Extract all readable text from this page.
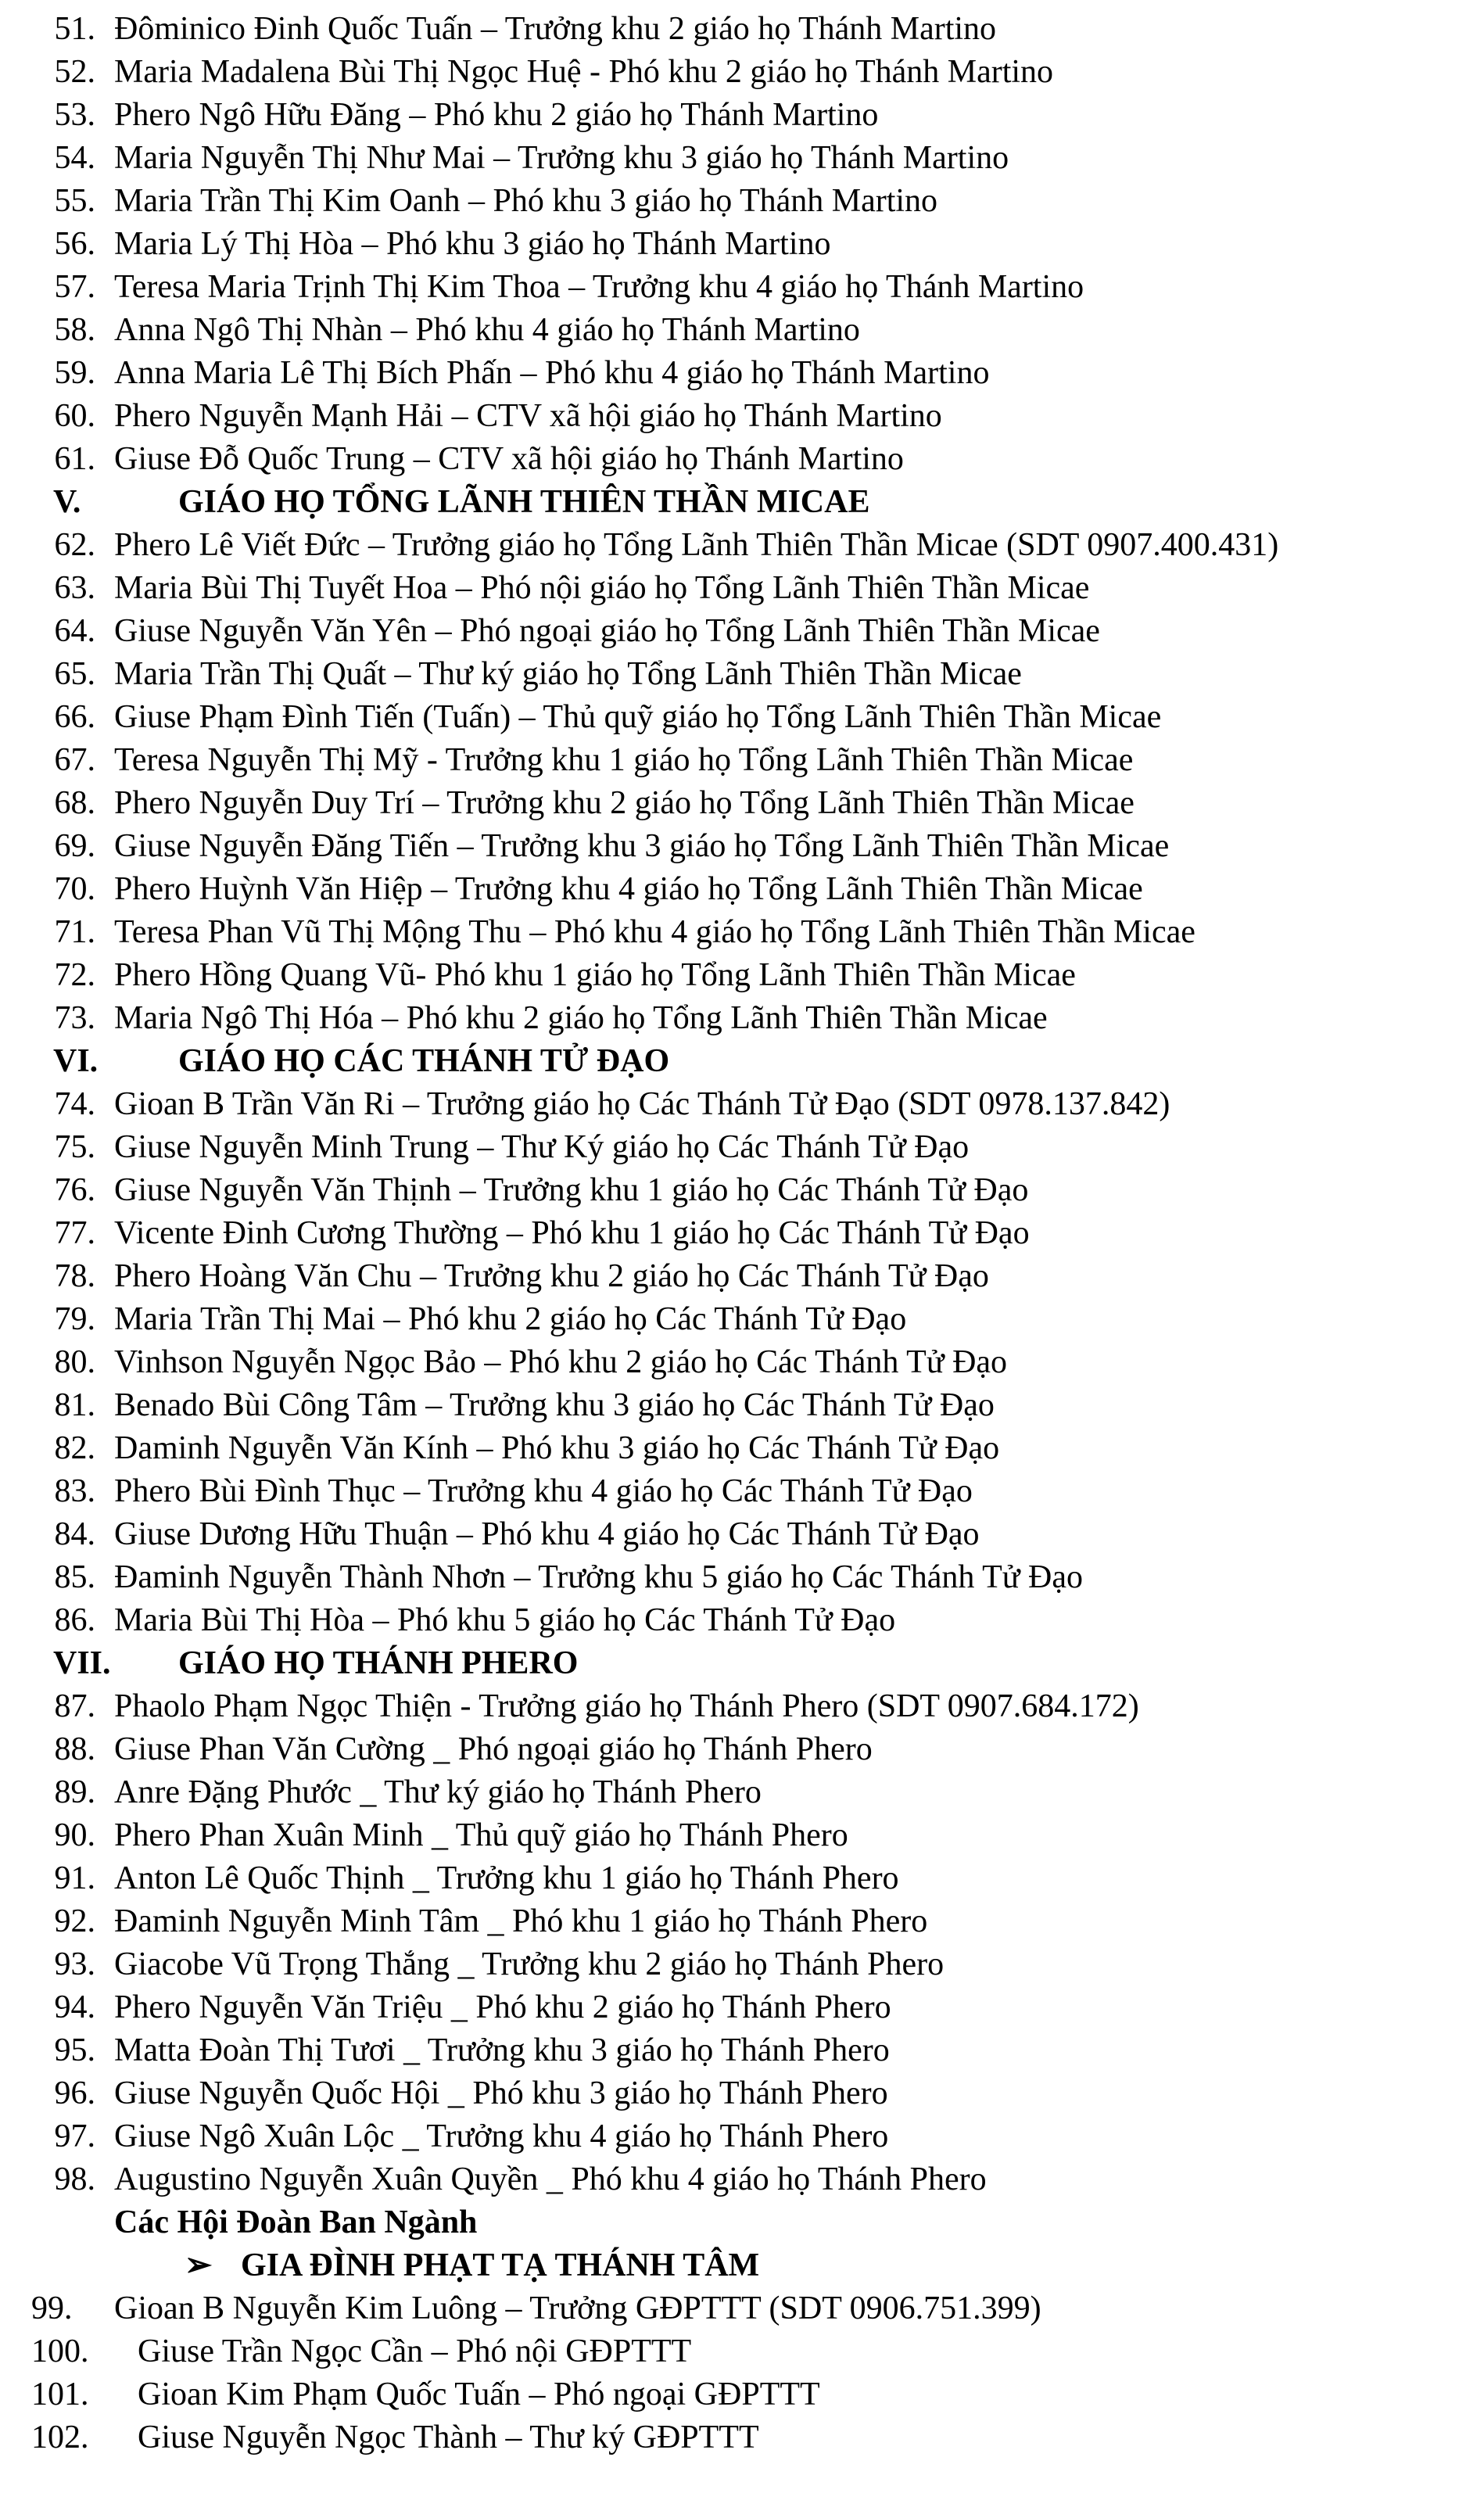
51. Đôminico Đinh Quốc Tuấn – Trưởng khu 2 giáo họ Thánh Martino
52. Maria Madalena Bùi Thị Ngọc Huệ - Phó khu 2 giáo họ Thánh Martino
53. Phero Ngô Hữu Đăng – Phó khu 2 giáo họ Thánh Martino
54. Maria Nguyễn Thị Như Mai – Trưởng khu 3 giáo họ Thánh Martino
55. Maria Trần Thị Kim Oanh – Phó khu 3 giáo họ Thánh Martino
56. Maria Lý Thị Hòa – Phó khu 3 giáo họ Thánh Martino
57. Teresa Maria Trịnh Thị Kim Thoa – Trưởng khu 4 giáo họ Thánh Martino
58. Anna Ngô Thị Nhàn – Phó khu 4 giáo họ Thánh Martino
59. Anna Maria Lê Thị Bích Phấn – Phó khu 4 giáo họ Thánh Martino
60. Phero Nguyễn Mạnh Hải – CTV xã hội giáo họ Thánh Martino
61. Giuse Đỗ Quốc Trung – CTV xã hội giáo họ Thánh Martino
V.	GIÁO HỌ TỔNG LÃNH THIÊN THẦN MICAE
62. Phero Lê Viết Đức – Trưởng giáo họ Tổng Lãnh Thiên Thần Micae (SDT 0907.400.431)
63. Maria Bùi Thị Tuyết Hoa – Phó nội giáo họ Tổng Lãnh Thiên Thần Micae
64. Giuse Nguyễn Văn Yên – Phó ngoại giáo họ Tổng Lãnh Thiên Thần Micae
65. Maria Trần Thị Quất – Thư ký giáo họ Tổng Lãnh Thiên Thần Micae
66. Giuse Phạm Đình Tiến (Tuấn) – Thủ quỹ giáo họ Tổng Lãnh Thiên Thần Micae
67. Teresa Nguyễn Thị Mỹ - Trưởng khu 1 giáo họ Tổng Lãnh Thiên Thần Micae
68. Phero Nguyễn Duy Trí – Trưởng khu 2 giáo họ Tổng Lãnh Thiên Thần Micae
69. Giuse Nguyễn Đăng Tiến – Trưởng khu 3 giáo họ Tổng Lãnh Thiên Thần Micae
70. Phero Huỳnh Văn Hiệp – Trưởng khu 4 giáo họ Tổng Lãnh Thiên Thần Micae
71. Teresa Phan Vũ Thị Mộng Thu – Phó khu 4 giáo họ Tổng Lãnh Thiên Thần Micae
72. Phero Hồng Quang Vũ- Phó khu 1 giáo họ Tổng Lãnh Thiên Thần Micae
73. Maria Ngô Thị Hóa – Phó khu 2 giáo họ Tổng Lãnh Thiên Thần Micae
VI. GIÁO HỌ CÁC THÁNH TỬ ĐẠO
74. Gioan B Trần Văn Ri – Trưởng giáo họ Các Thánh Tử Đạo (SDT 0978.137.842)
75. Giuse Nguyễn Minh Trung – Thư Ký giáo họ Các Thánh Tử Đạo
76. Giuse Nguyễn Văn Thịnh – Trưởng khu 1 giáo họ Các Thánh Tử Đạo
77. Vicente Đinh Cương Thường – Phó khu 1 giáo họ Các Thánh Tử Đạo
78. Phero Hoàng Văn Chu – Trưởng khu 2 giáo họ Các Thánh Tử Đạo
79. Maria Trần Thị Mai – Phó khu 2 giáo họ Các Thánh Tử Đạo
80. Vinhson Nguyễn Ngọc Bảo – Phó khu 2 giáo họ Các Thánh Tử Đạo
81. Benado Bùi Công Tâm – Trưởng khu 3 giáo họ Các Thánh Tử Đạo
82. Daminh Nguyễn Văn Kính – Phó khu 3 giáo họ Các Thánh Tử Đạo
83. Phero Bùi Đình Thục – Trưởng khu 4 giáo họ Các Thánh Tử Đạo
84. Giuse Dương Hữu Thuận – Phó khu 4 giáo họ Các Thánh Tử Đạo
85. Đaminh Nguyễn Thành Nhơn – Trưởng khu 5 giáo họ Các Thánh Tử Đạo
86. Maria Bùi Thị Hòa – Phó khu 5 giáo họ Các Thánh Tử Đạo
VII. GIÁO HỌ THÁNH PHERO
87. Phaolo Phạm Ngọc Thiện - Trưởng giáo họ Thánh Phero (SDT 0907.684.172)
88. Giuse Phan Văn Cường _ Phó ngoại giáo họ Thánh Phero
89. Anre Đặng Phước _ Thư ký giáo họ Thánh Phero
90. Phero Phan Xuân Minh _ Thủ quỹ giáo họ Thánh Phero
91. Anton Lê Quốc Thịnh _ Trưởng khu 1 giáo họ Thánh Phero
92. Đaminh Nguyễn Minh Tâm _ Phó khu 1 giáo họ Thánh Phero
93. Giacobe Vũ Trọng Thắng _ Trưởng khu 2 giáo họ Thánh Phero
94. Phero Nguyễn Văn Triệu _ Phó khu 2 giáo họ Thánh Phero
95. Matta Đoàn Thị Tươi _ Trưởng khu 3 giáo họ Thánh Phero
96. Giuse Nguyễn Quốc Hội _ Phó khu 3 giáo họ Thánh Phero
97. Giuse Ngô Xuân Lộc _ Trưởng khu 4 giáo họ Thánh Phero
98. Augustino Nguyễn Xuân Quyền _ Phó khu 4 giáo họ Thánh Phero
Các Hội Đoàn Ban Ngành
➢ GIA ĐÌNH PHẠT TẠ THÁNH TÂM
99.	Gioan B Nguyễn Kim Luông – Trưởng GĐPTTT (SDT 0906.751.399)
100.	Giuse Trần Ngọc Cần – Phó nội GĐPTTT
101.	Gioan Kim Phạm Quốc Tuấn – Phó ngoại GĐPTTT
102.	Giuse Nguyễn Ngọc Thành – Thư ký GĐPTTT
